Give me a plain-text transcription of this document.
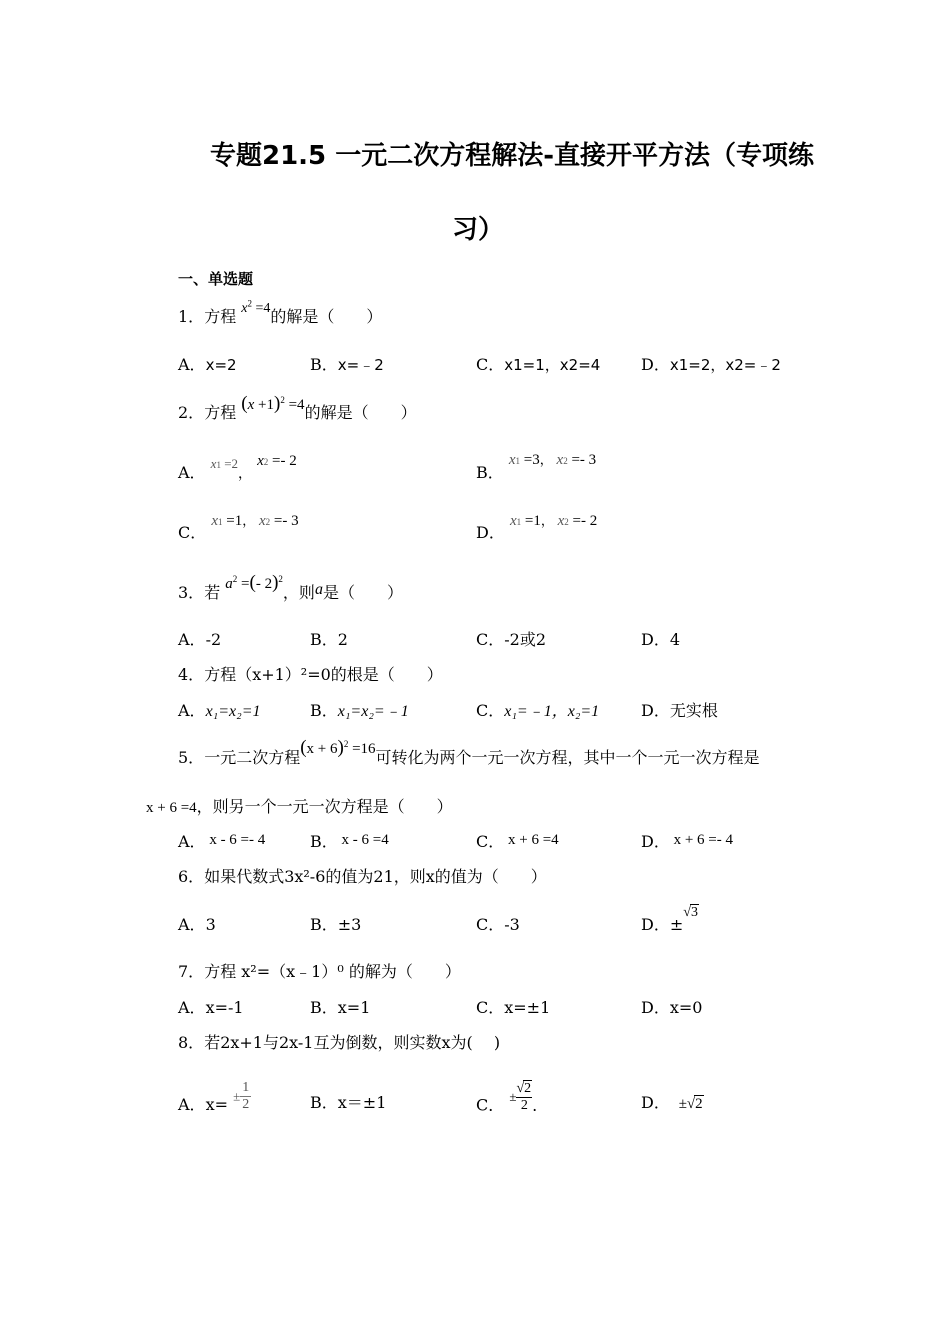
专题21.5 一元二次方程解法-直接开平方法（专项练
习）
一、单选题
1．方程 $x^2 =4$的解是（　　）
A．x=2	B．x=﹣2	C．x1=1，x2=4	D．x1=2，x2=﹣2
2．方程 $(x +1)^2 =4$的解是（　　）
A． $^{x1 =2}$， x2 =- 2
B． x1 =3， x2 =- 3
C． x1 =1， x2 =- 3
D． x1 =1， x2 =- 2
3．若 $a^2$ =(- 2)$^2$，则a是（　　）
A．-2	B．2	C．-2或2	D．4
4．方程（x+1）²=0的根是（　　）
A．x₁=x₂=1	B．x₁=x₂=﹣1	C．x₁=﹣1，x₂=1	D．无实根
5．一元二次方程$(x + 6)^2 =16$可转化为两个一元一次方程，其中一个一元一次方程是
x + 6 =4，则另一个一元一次方程是（　　）
A． x - 6 =- 4	B． x - 6 =4	C． x + 6 =4	D． x + 6 =- 4
6．如果代数式3x²-6的值为21，则x的值为（　　）
A．3	B．±3	C．-3	D．±√3
7．方程 x²=（x﹣1）⁰ 的解为（　　）
A．x=-1	B．x=1	C．x=±1	D．x=0
8．若2x+1与2x-1互为倒数，则实数x为(　 )
A．$x= \pm \frac{1}{2}$	B．x＝±1	C． ± $\frac{√2}{2}$ .	D．  ±√2
